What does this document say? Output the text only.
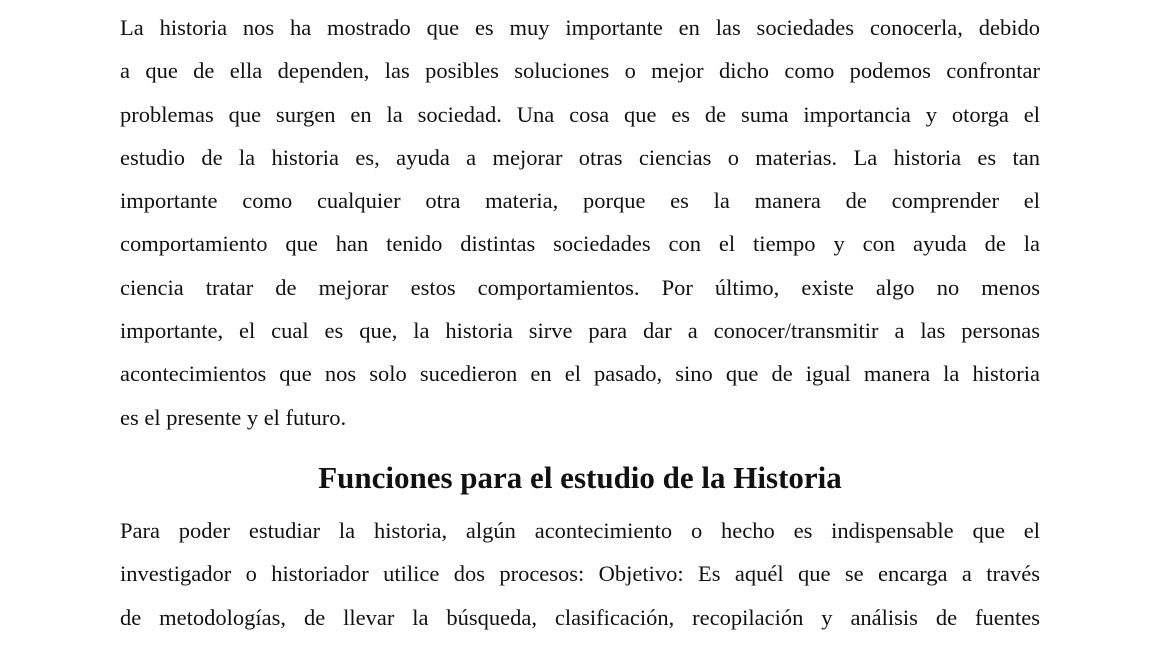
La historia nos ha mostrado que es muy importante en las sociedades conocerla, debido
a que de ella dependen, las posibles soluciones o mejor dicho como podemos confrontar
problemas que surgen en la sociedad. Una cosa que es de suma importancia y otorga el
estudio de la historia es, ayuda a mejorar otras ciencias o materias. La historia es tan
importante como cualquier otra materia, porque es la manera de comprender el
comportamiento que han tenido distintas sociedades con el tiempo y con ayuda de la
ciencia tratar de mejorar estos comportamientos. Por último, existe algo no menos
importante, el cual es que, la historia sirve para dar a conocer/transmitir a las personas
acontecimientos que nos solo sucedieron en el pasado, sino que de igual manera la historia
es el presente y el futuro.
Funciones para el estudio de la Historia
Para poder estudiar la historia, algún acontecimiento o hecho es indispensable que el
investigador o historiador utilice dos procesos: Objetivo: Es aquél que se encarga a través
de metodologías, de llevar la búsqueda, clasificación, recopilación y análisis de fuentes
